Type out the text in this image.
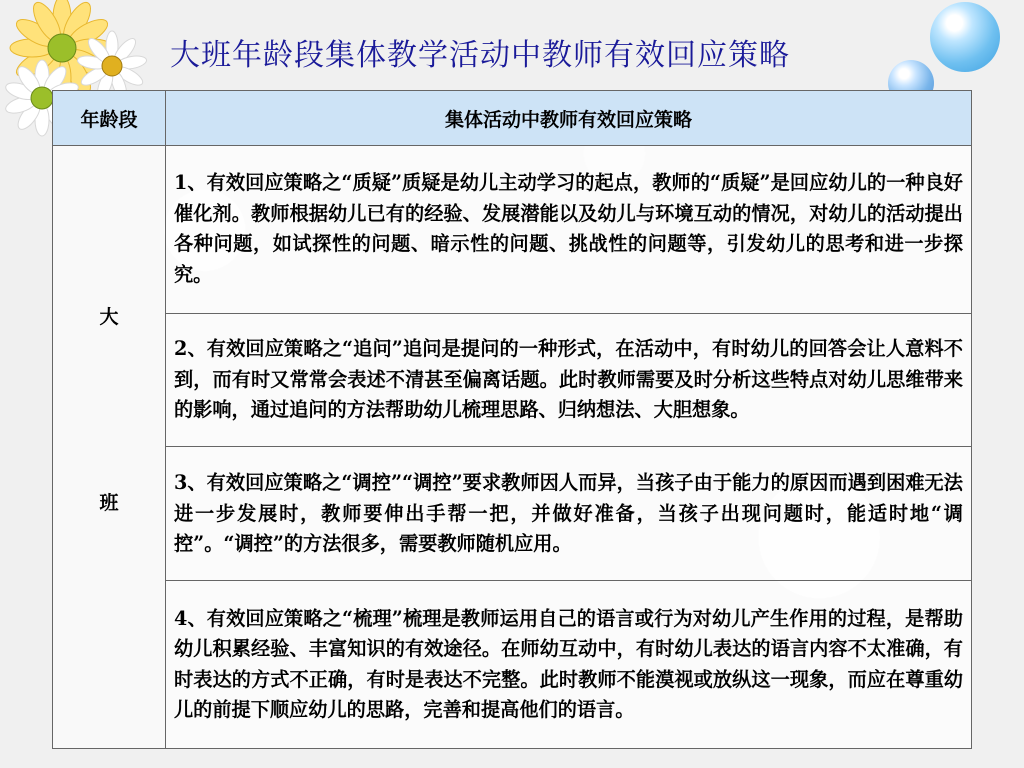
大班年龄段集体教学活动中教师有效回应策略
年龄段	集体活动中教师有效回应策略

大
班	1、有效回应策略之“质疑”质疑是幼儿主动学习的起点，教师的“质疑”是回应幼儿的一种良好催化剂。教师根据幼儿已有的经验、发展潜能以及幼儿与环境互动的情况，对幼儿的活动提出各种问题，如试探性的问题、暗示性的问题、挑战性的问题等，引发幼儿的思考和进一步探究。
	2、有效回应策略之“追问”追问是提问的一种形式，在活动中，有时幼儿的回答会让人意料不到，而有时又常常会表述不清甚至偏离话题。此时教师需要及时分析这些特点对幼儿思维带来的影响，通过追问的方法帮助幼儿梳理思路、归纳想法、大胆想象。
	3、有效回应策略之“调控”“调控”要求教师因人而异，当孩子由于能力的原因而遇到困难无法进一步发展时，教师要伸出手帮一把，并做好准备，当孩子出现问题时，能适时地“调控”。“调控”的方法很多，需要教师随机应用。
	4、有效回应策略之“梳理”梳理是教师运用自己的语言或行为对幼儿产生作用的过程，是帮助幼儿积累经验、丰富知识的有效途径。在师幼互动中，有时幼儿表达的语言内容不太准确，有时表达的方式不正确，有时是表达不完整。此时教师不能漠视或放纵这一现象，而应在尊重幼儿的前提下顺应幼儿的思路，完善和提高他们的语言。
